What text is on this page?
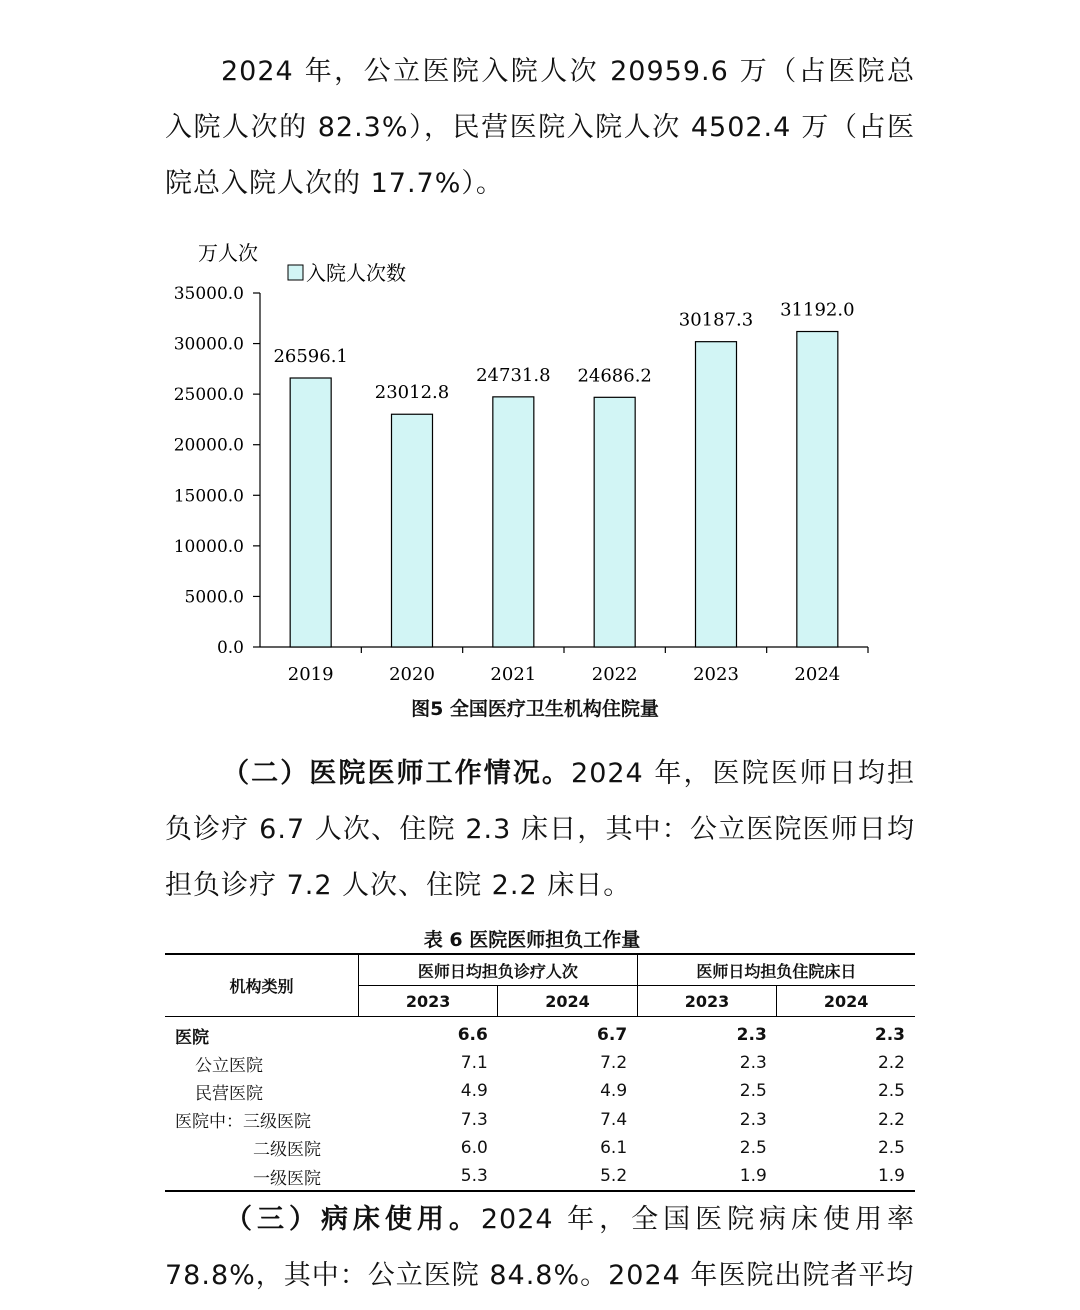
2024 年，公立医院入院人次 20959.6 万（占医院总入院人次的 82.3%），民营医院入院人次 4502.4 万（占医院总入院人次的 17.7%）。

0.0
5000.0
10000.0
15000.0
20000.0
25000.0
30000.0
35000.0
26596.1
2019
23012.8
2020
24731.8
2021
24686.2
2022
30187.3
2023
31192.0
2024
万人次
入院人次数

图5 全国医疗卫生机构住院量

（二）医院医师工作情况。2024 年，医院医师日均担负诊疗 6.7 人次、住院 2.3 床日，其中：公立医院医师日均担负诊疗 7.2 人次、住院 2.2 床日。

表 6 医院医师担负工作量

机构类别	医师日均担负诊疗人次		医师日均担负住院床日	
	2023	2024	2023	2024
医院	6.6	6.7	2.3	2.3
公立医院	7.1	7.2	2.3	2.2
民营医院	4.9	4.9	2.5	2.5
医院中：三级医院	7.3	7.4	2.3	2.2
二级医院	6.0	6.1	2.5	2.5
一级医院	5.3	5.2	1.9	1.9

（三）病床使用。2024 年，全国医院病床使用率 78.8%，其中：公立医院 84.8%。2024 年医院出院者平均
